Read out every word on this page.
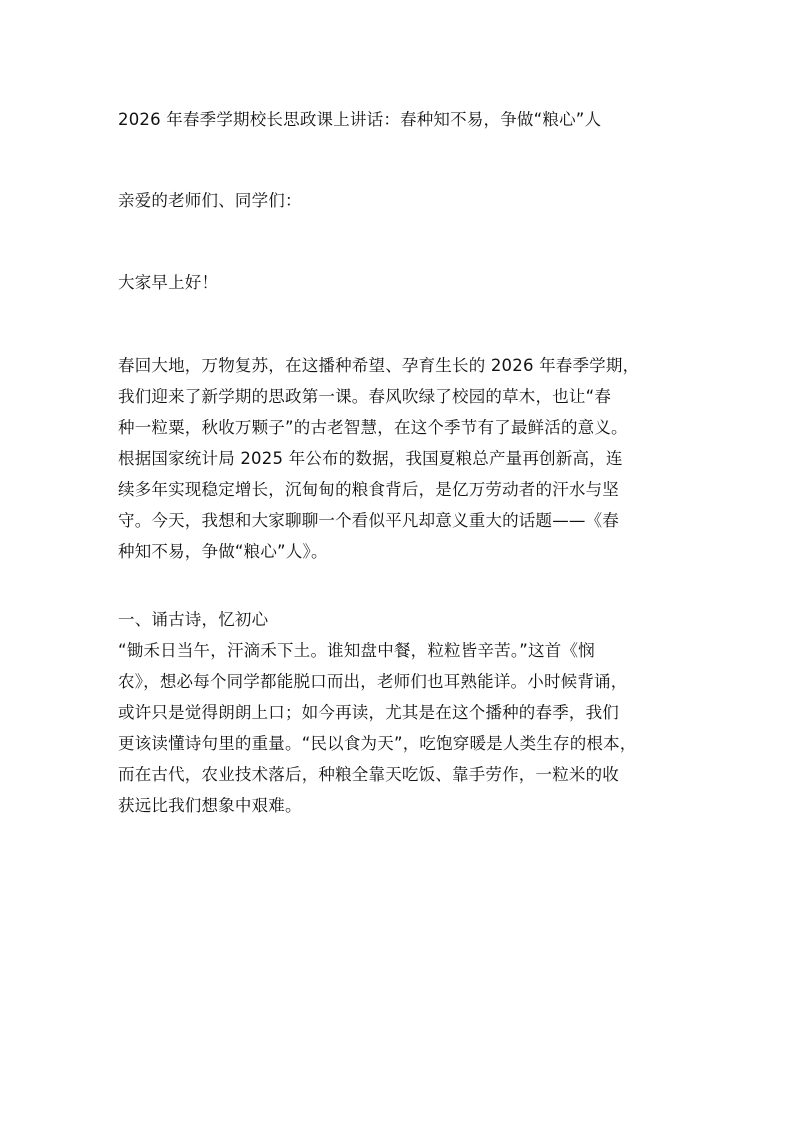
2026 年春季学期校长思政课上讲话：春种知不易，争做“粮心”人
亲爱的老师们、同学们：
大家早上好！
春回大地，万物复苏，在这播种希望、孕育生长的 2026 年春季学期，
我们迎来了新学期的思政第一课。春风吹绿了校园的草木，也让“春
种一粒粟，秋收万颗子”的古老智慧，在这个季节有了最鲜活的意义。
根据国家统计局 2025 年公布的数据，我国夏粮总产量再创新高，连
续多年实现稳定增长，沉甸甸的粮食背后，是亿万劳动者的汗水与坚
守。今天，我想和大家聊聊一个看似平凡却意义重大的话题——《春
种知不易，争做“粮心”人》。
一、诵古诗，忆初心
“锄禾日当午，汗滴禾下土。谁知盘中餐，粒粒皆辛苦。”这首《悯
农》，想必每个同学都能脱口而出，老师们也耳熟能详。小时候背诵，
或许只是觉得朗朗上口；如今再读，尤其是在这个播种的春季，我们
更该读懂诗句里的重量。“民以食为天”，吃饱穿暖是人类生存的根本，
而在古代，农业技术落后，种粮全靠天吃饭、靠手劳作，一粒米的收
获远比我们想象中艰难。
